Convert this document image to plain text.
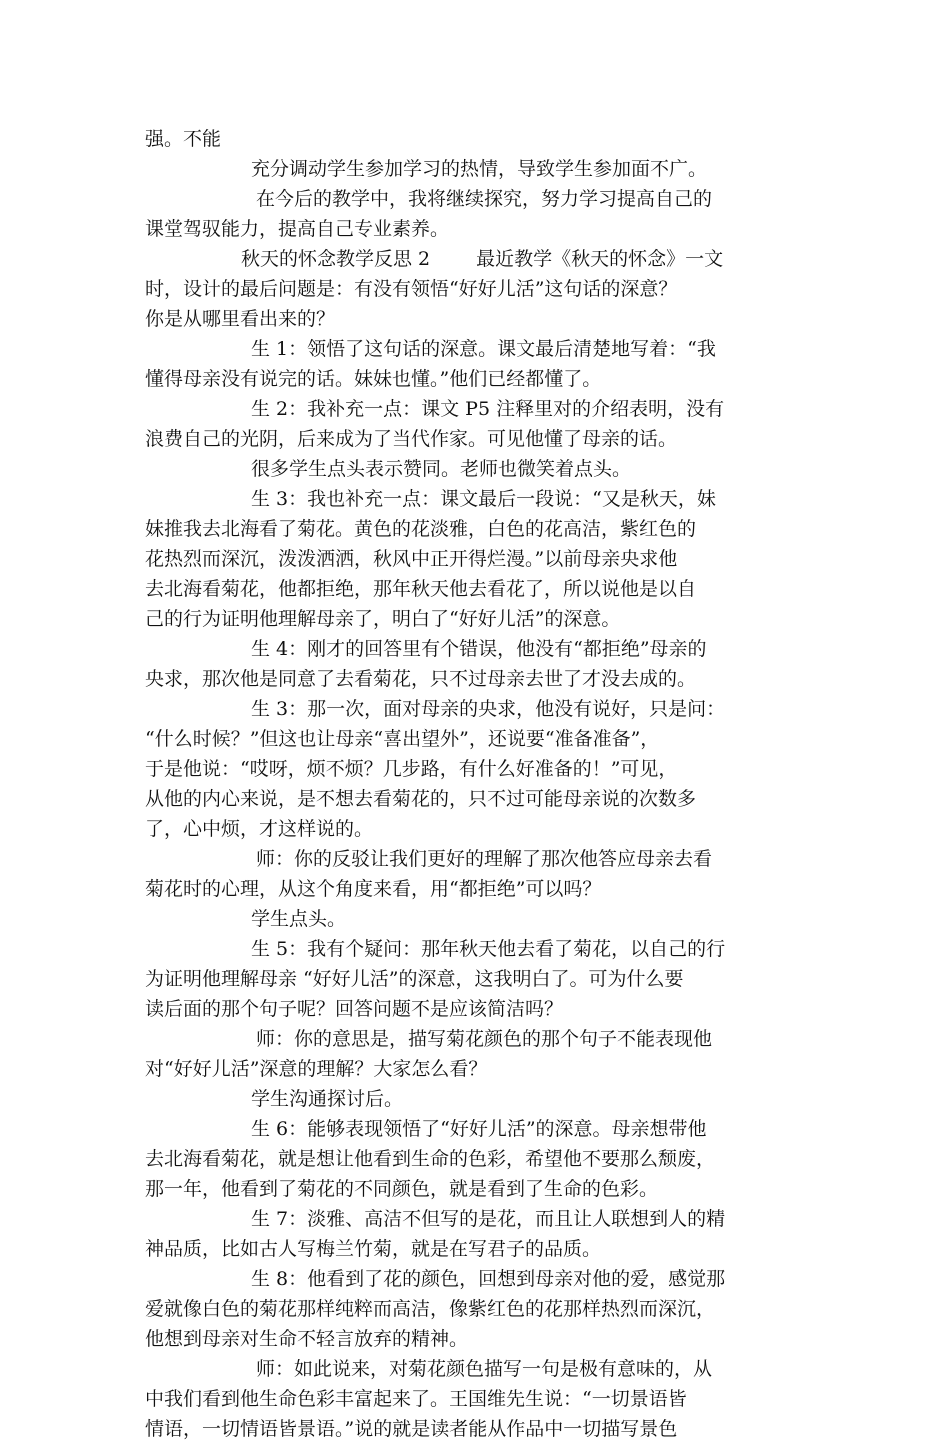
强。不能
充分调动学生参加学习的热情，导致学生参加面不广。
在今后的教学中，我将继续探究，努力学习提高自己的
课堂驾驭能力，提高自己专业素养。
秋天的怀念教学反思 2 最近教学《秋天的怀念》一文
时，设计的最后问题是：有没有领悟“好好儿活”这句话的深意？
你是从哪里看出来的？
生 1：领悟了这句话的深意。课文最后清楚地写着：“我
懂得母亲没有说完的话。妹妹也懂。”他们已经都懂了。
生 2：我补充一点：课文 P5 注释里对的介绍表明，没有
浪费自己的光阴，后来成为了当代作家。可见他懂了母亲的话。
很多学生点头表示赞同。老师也微笑着点头。
生 3：我也补充一点：课文最后一段说：“又是秋天，妹
妹推我去北海看了菊花。黄色的花淡雅，白色的花高洁，紫红色的
花热烈而深沉，泼泼洒洒，秋风中正开得烂漫。”以前母亲央求他
去北海看菊花，他都拒绝，那年秋天他去看花了，所以说他是以自
己的行为证明他理解母亲了，明白了“好好儿活”的深意。
生 4：刚才的回答里有个错误，他没有“都拒绝”母亲的
央求，那次他是同意了去看菊花，只不过母亲去世了才没去成的。
生 3：那一次，面对母亲的央求，他没有说好，只是问：
“什么时候？”但这也让母亲“喜出望外”，还说要“准备准备”，
于是他说：“哎呀，烦不烦？几步路，有什么好准备的！”可见，
从他的内心来说，是不想去看菊花的，只不过可能母亲说的次数多
了，心中烦，才这样说的。
师：你的反驳让我们更好的理解了那次他答应母亲去看
菊花时的心理，从这个角度来看，用“都拒绝”可以吗？
学生点头。
生 5：我有个疑问：那年秋天他去看了菊花，以自己的行
为证明他理解母亲 “好好儿活”的深意，这我明白了。可为什么要
读后面的那个句子呢？回答问题不是应该简洁吗？
师：你的意思是，描写菊花颜色的那个句子不能表现他
对“好好儿活”深意的理解？大家怎么看？
学生沟通探讨后。
生 6：能够表现领悟了“好好儿活”的深意。母亲想带他
去北海看菊花，就是想让他看到生命的色彩，希望他不要那么颓废，
那一年，他看到了菊花的不同颜色，就是看到了生命的色彩。
生 7：淡雅、高洁不但写的是花，而且让人联想到人的精
神品质，比如古人写梅兰竹菊，就是在写君子的品质。
生 8：他看到了花的颜色，回想到母亲对他的爱，感觉那
爱就像白色的菊花那样纯粹而高洁，像紫红色的花那样热烈而深沉，
他想到母亲对生命不轻言放弃的精神。
师：如此说来，对菊花颜色描写一句是极有意味的，从
中我们看到他生命色彩丰富起来了。王国维先生说：“一切景语皆
情语，一切情语皆景语。”说的就是读者能从作品中一切描写景色
